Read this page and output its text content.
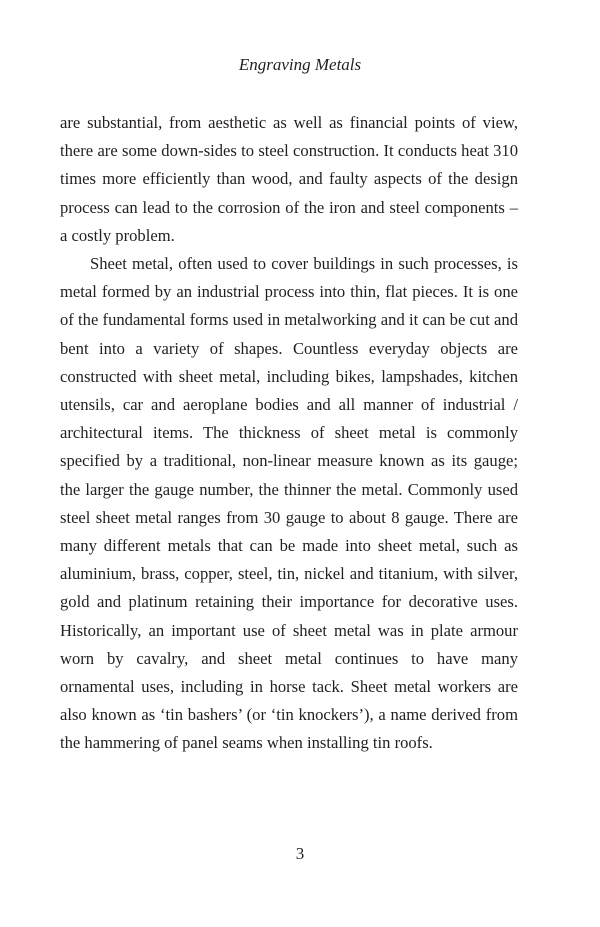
Engraving Metals

are substantial, from aesthetic as well as financial points of view, there are some down-sides to steel construction. It conducts heat 310 times more efficiently than wood, and faulty aspects of the design process can lead to the corrosion of the iron and steel components – a costly problem.

Sheet metal, often used to cover buildings in such processes, is metal formed by an industrial process into thin, flat pieces. It is one of the fundamental forms used in metalworking and it can be cut and bent into a variety of shapes. Countless everyday objects are constructed with sheet metal, including bikes, lampshades, kitchen utensils, car and aeroplane bodies and all manner of industrial / architectural items. The thickness of sheet metal is commonly specified by a traditional, non-linear measure known as its gauge; the larger the gauge number, the thinner the metal. Commonly used steel sheet metal ranges from 30 gauge to about 8 gauge. There are many different metals that can be made into sheet metal, such as aluminium, brass, copper, steel, tin, nickel and titanium, with silver, gold and platinum retaining their importance for decorative uses. Historically, an important use of sheet metal was in plate armour worn by cavalry, and sheet metal continues to have many ornamental uses, including in horse tack. Sheet metal workers are also known as ‘tin bashers’ (or ‘tin knockers’), a name derived from the hammering of panel seams when installing tin roofs.

3
